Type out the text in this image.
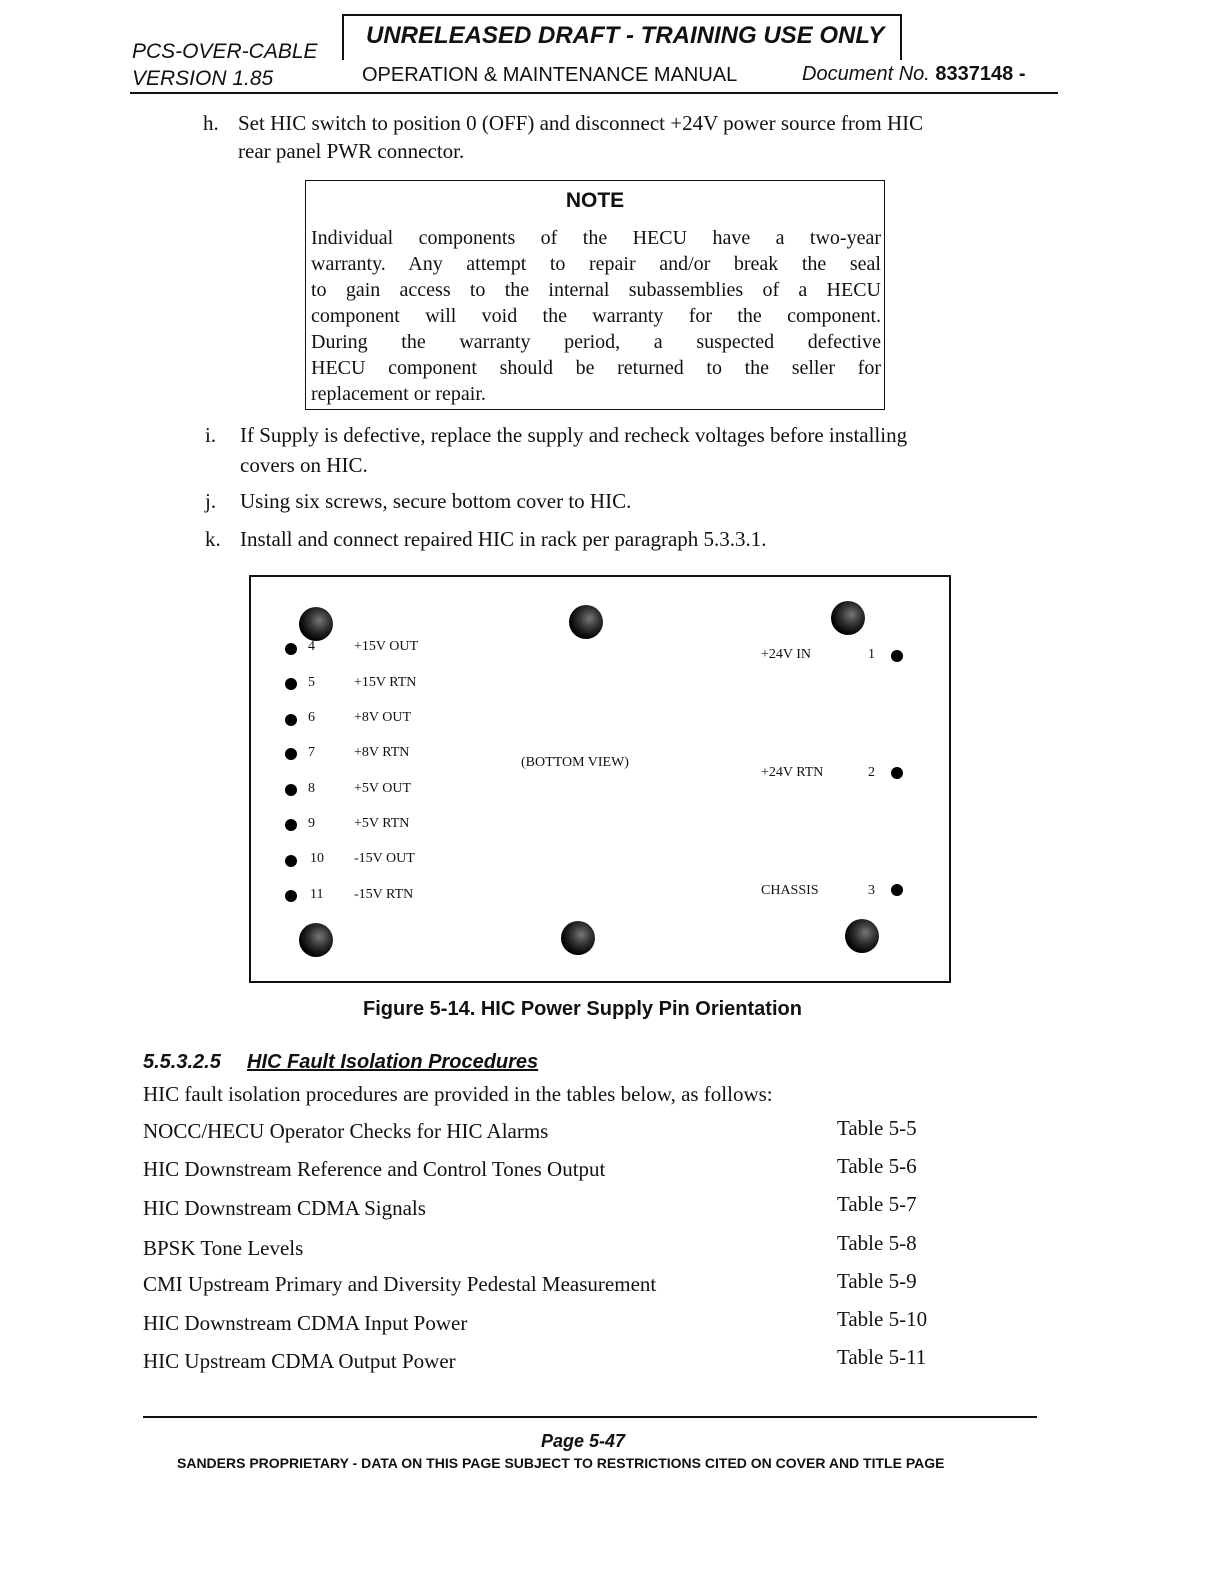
PCS-OVER-CABLE
VERSION 1.85
UNRELEASED DRAFT - TRAINING USE ONLY
OPERATION & MAINTENANCE MANUAL	Document No. 8337148 -
h. Set HIC switch to position 0 (OFF) and disconnect +24V power source from HIC
rear panel PWR connector.
NOTE
Individual components of the HECU have a two-year
warranty. Any attempt to repair and/or break the seal
to gain access to the internal subassemblies of a HECU
component will void the warranty for the component.
During the warranty period, a suspected defective
HECU component should be returned to the seller for
replacement or repair.
i. If Supply is defective, replace the supply and recheck voltages before installing
covers on HIC.
j. Using six screws, secure bottom cover to HIC.
k. Install and connect repaired HIC in rack per paragraph 5.3.3.1.
4	+15V OUT
5	+15V RTN
6	+8V OUT
7	+8V RTN
8	+5V OUT
9	+5V RTN
10 -15V OUT
11 -15V RTN
(BOTTOM VIEW)
+24V IN	1
+24V RTN	2
CHASSIS	3
Figure 5-14. HIC Power Supply Pin Orientation
5.5.3.2.5 HIC Fault Isolation Procedures
HIC fault isolation procedures are provided in the tables below, as follows:
NOCC/HECU Operator Checks for HIC Alarms	Table 5-5
HIC Downstream Reference and Control Tones Output	Table 5-6
HIC Downstream CDMA Signals	Table 5-7
BPSK Tone Levels	Table 5-8
CMI Upstream Primary and Diversity Pedestal Measurement	Table 5-9
HIC Downstream CDMA Input Power	Table 5-10
HIC Upstream CDMA Output Power	Table 5-11
Page 5-47
SANDERS PROPRIETARY - DATA ON THIS PAGE SUBJECT TO RESTRICTIONS CITED ON COVER AND TITLE PAGE
